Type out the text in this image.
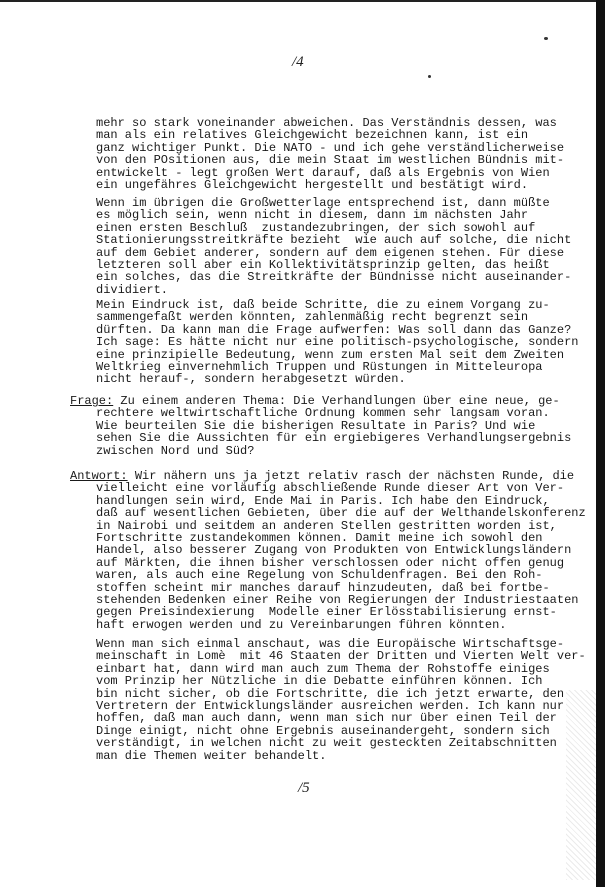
/4
mehr so stark voneinander abweichen. Das Verständnis dessen, was
man als ein relatives Gleichgewicht bezeichnen kann, ist ein
ganz wichtiger Punkt. Die NATO - und ich gehe verständlicherweise
von den POsitionen aus, die mein Staat im westlichen Bündnis mit-
entwickelt - legt großen Wert darauf, daß als Ergebnis von Wien
ein ungefähres Gleichgewicht hergestellt und bestätigt wird.
Wenn im übrigen die Großwetterlage entsprechend ist, dann müßte
es möglich sein, wenn nicht in diesem, dann im nächsten Jahr
einen ersten Beschluß  zustandezubringen, der sich sowohl auf
Stationierungsstreitkräfte bezieht  wie auch auf solche, die nicht
auf dem Gebiet anderer, sondern auf dem eigenen stehen. Für diese
letzteren soll aber ein Kollektivitätsprinzip gelten, das heißt
ein solches, das die Streitkräfte der Bündnisse nicht auseinander-
dividiert.
Mein Eindruck ist, daß beide Schritte, die zu einem Vorgang zu-
sammengefaßt werden könnten, zahlenmäßig recht begrenzt sein
dürften. Da kann man die Frage aufwerfen: Was soll dann das Ganze?
Ich sage: Es hätte nicht nur eine politisch-psychologische, sondern
eine prinzipielle Bedeutung, wenn zum ersten Mal seit dem Zweiten
Weltkrieg einvernehmlich Truppen und Rüstungen in Mitteleuropa
nicht herauf-, sondern herabgesetzt würden.
Frage: Zu einem anderen Thema: Die Verhandlungen über eine neue, ge-
rechtere weltwirtschaftliche Ordnung kommen sehr langsam voran.
Wie beurteilen Sie die bisherigen Resultate in Paris? Und wie
sehen Sie die Aussichten für ein ergiebigeres Verhandlungsergebnis
zwischen Nord und Süd?
Antwort: Wir nähern uns ja jetzt relativ rasch der nächsten Runde, die
vielleicht eine vorläufig abschließende Runde dieser Art von Ver-
handlungen sein wird, Ende Mai in Paris. Ich habe den Eindruck,
daß auf wesentlichen Gebieten, über die auf der Welthandelskonferenz
in Nairobi und seitdem an anderen Stellen gestritten worden ist,
Fortschritte zustandekommen können. Damit meine ich sowohl den
Handel, also besserer Zugang von Produkten von Entwicklungsländern
auf Märkten, die ihnen bisher verschlossen oder nicht offen genug
waren, als auch eine Regelung von Schuldenfragen. Bei den Roh-
stoffen scheint mir manches darauf hinzudeuten, daß bei fortbe-
stehenden Bedenken einer Reihe von Regierungen der Industriestaaten
gegen Preisindexierung  Modelle einer Erlösstabilisierung ernst-
haft erwogen werden und zu Vereinbarungen führen könnten.
Wenn man sich einmal anschaut, was die Europäische Wirtschaftsge-
meinschaft in Lomè  mit 46 Staaten der Dritten und Vierten Welt ver-
einbart hat, dann wird man auch zum Thema der Rohstoffe einiges
vom Prinzip her Nützliche in die Debatte einführen können. Ich
bin nicht sicher, ob die Fortschritte, die ich jetzt erwarte, den
Vertretern der Entwicklungsländer ausreichen werden. Ich kann nur
hoffen, daß man auch dann, wenn man sich nur über einen Teil der
Dinge einigt, nicht ohne Ergebnis auseinandergeht, sondern sich
verständigt, in welchen nicht zu weit gesteckten Zeitabschnitten
man die Themen weiter behandelt.
/5
